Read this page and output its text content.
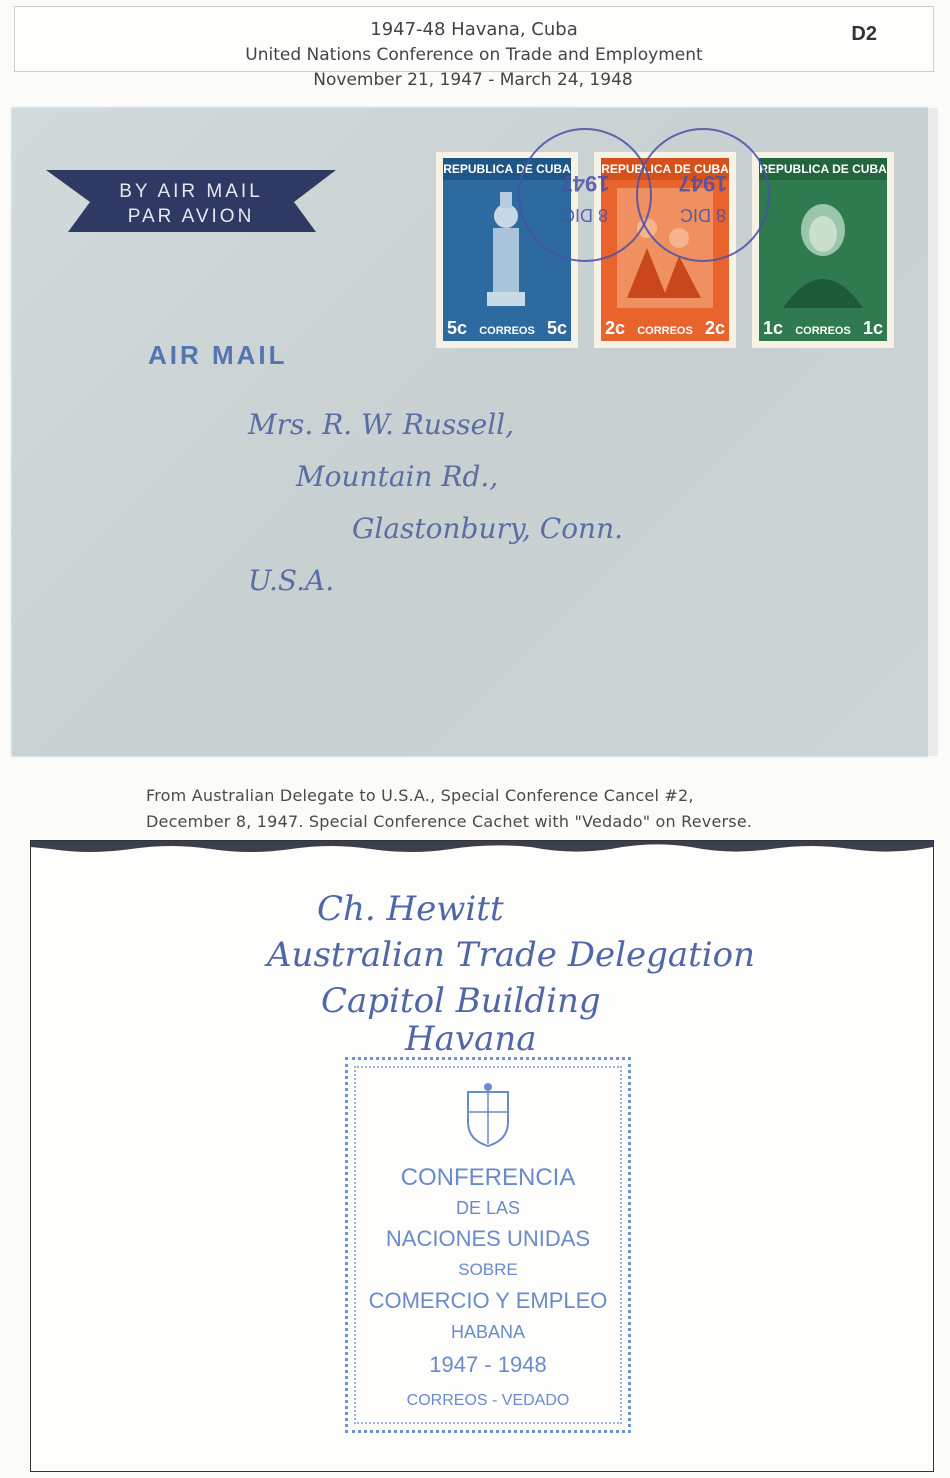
1947-48 Havana, Cuba
United Nations Conference on Trade and Employment
D2
November 21, 1947 - March 24, 1948
BY AIR MAIL
PAR AVION
AIR MAIL
REPUBLICA DE CUBA
5c CORREOS 5c
REPUBLICA DE CUBA
2c CORREOS 2c
REPUBLICA DE CUBA
1c CORREOS 1c
1947
8 DIC
1947
8 DIC
Mrs. R. W. Russell,
Mountain Rd.,
Glastonbury, Conn.
U.S.A.
From Australian Delegate to U.S.A., Special Conference Cancel #2,
December 8, 1947. Special Conference Cachet with "Vedado" on Reverse.
Ch. Hewitt
Australian Trade Delegation
Capitol Building
Havana
CONFERENCIA
DE LAS
NACIONES UNIDAS
SOBRE
COMERCIO Y EMPLEO
HABANA
1947 - 1948
CORREOS - VEDADO
